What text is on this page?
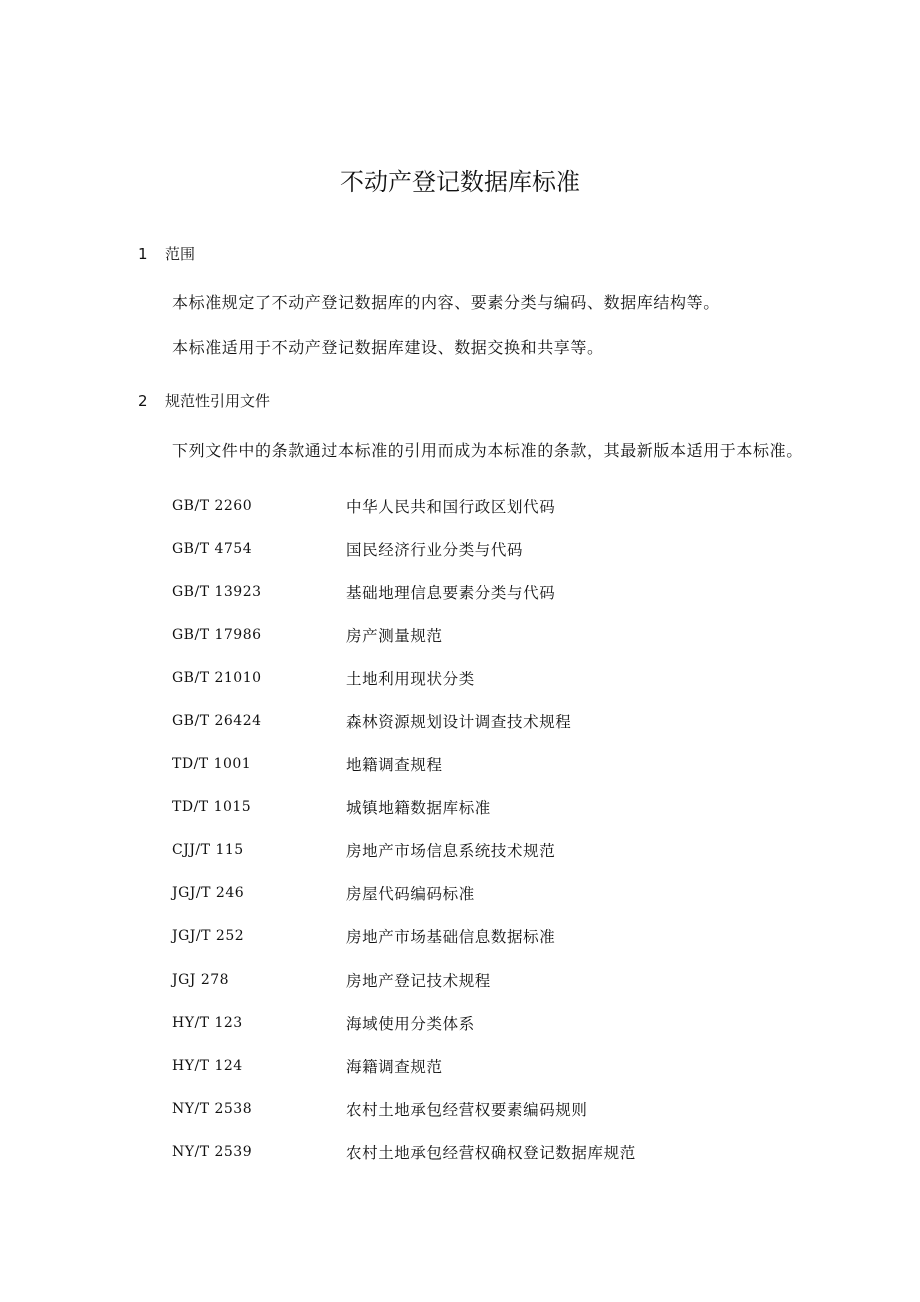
不动产登记数据库标准
1 范围
本标准规定了不动产登记数据库的内容、要素分类与编码、数据库结构等。
本标准适用于不动产登记数据库建设、数据交换和共享等。
2 规范性引用文件
下列文件中的条款通过本标准的引用而成为本标准的条款，其最新版本适用于本标准。
GB/T 2260	中华人民共和国行政区划代码
GB/T 4754	国民经济行业分类与代码
GB/T 13923	基础地理信息要素分类与代码
GB/T 17986	房产测量规范
GB/T 21010	土地利用现状分类
GB/T 26424	森林资源规划设计调查技术规程
TD/T 1001	地籍调查规程
TD/T 1015	城镇地籍数据库标准
CJJ/T 115	房地产市场信息系统技术规范
JGJ/T 246	房屋代码编码标准
JGJ/T 252	房地产市场基础信息数据标准
JGJ 278	房地产登记技术规程
HY/T 123	海域使用分类体系
HY/T 124	海籍调查规范
NY/T 2538	农村土地承包经营权要素编码规则
NY/T 2539	农村土地承包经营权确权登记数据库规范
